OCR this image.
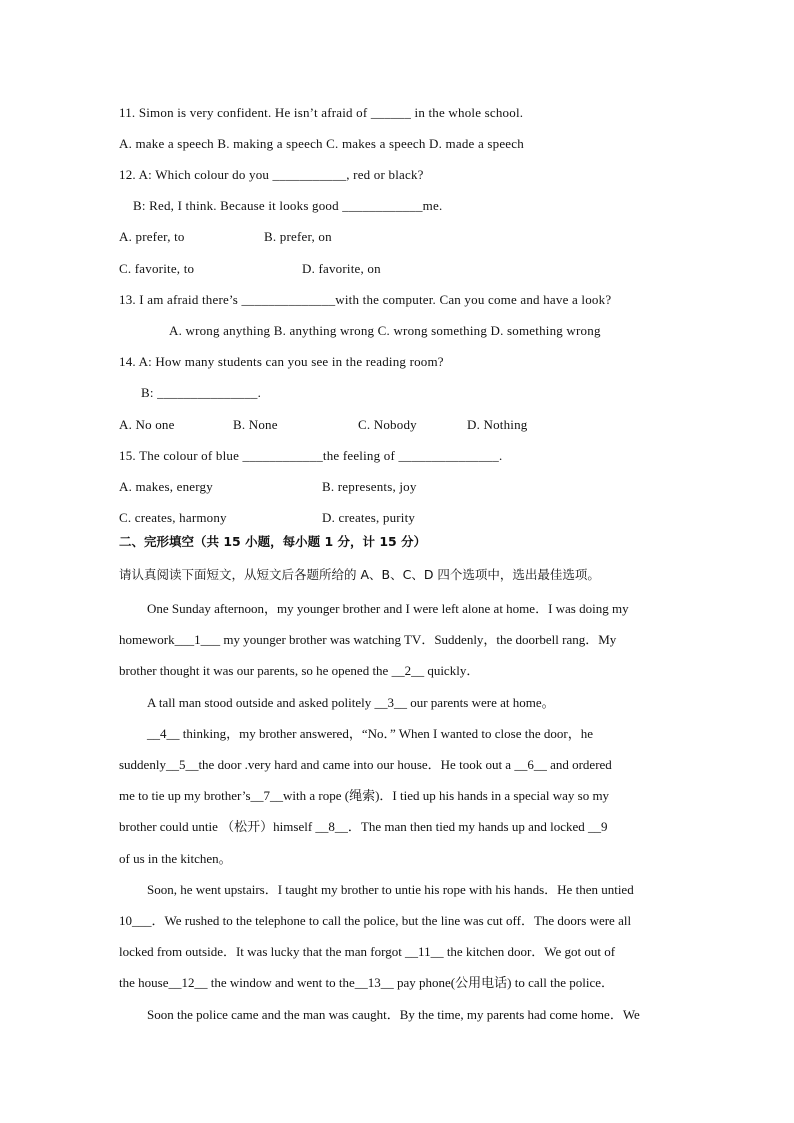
11. Simon is very confident. He isn’t afraid of ______ in the whole school.
A. make a speech B. making a speech C. makes a speech D. made a speech
12. A: Which colour do you ___________, red or black?
B: Red, I think. Because it looks good ____________me.
A. prefer, to	B. prefer, on
C. favorite, to	D. favorite, on
13. I am afraid there’s ______________with the computer. Can you come and have a look?
A. wrong anything B. anything wrong C. wrong something D. something wrong
14. A: How many students can you see in the reading room?
B: _______________.
A. No one	B. None	C. Nobody	D. Nothing
15. The colour of blue ____________the feeling of _______________.
A. makes, energy	B. represents, joy
C. creates, harmony	D. creates, purity
二、完形填空（共 15 小题，每小题 1 分，计 15 分）
请认真阅读下面短文，从短文后各题所给的 A、B、C、D 四个选项中，选出最佳选项。
One Sunday afternoon，my younger brother and I were left alone at home．I was doing my
homework___1___ my younger brother was watching TV．Suddenly，the doorbell rang．My
brother thought it was our parents, so he opened the __2__ quickly．
A tall man stood outside and asked politely __3__ our parents were at home。
__4__ thinking，my brother answered，“No．” When I wanted to close the door，he
suddenly__5__the door .very hard and came into our house．He took out a __6__ and ordered
me to tie up my brother’s__7__with a rope (绳索)．I tied up his hands in a special way so my
brother could untie （松开）himself __8__．The man then tied my hands up and locked __9
of us in the kitchen。
Soon, he went upstairs．I taught my brother to untie his rope with his hands．He then untied
10___．We rushed to the telephone to call the police, but the line was cut off．The doors were all
locked from outside．It was lucky that the man forgot __11__ the kitchen door．We got out of
the house__12__ the window and went to the__13__ pay phone(公用电话) to call the police．
Soon the police came and the man was caught．By the time, my parents had come home．We
